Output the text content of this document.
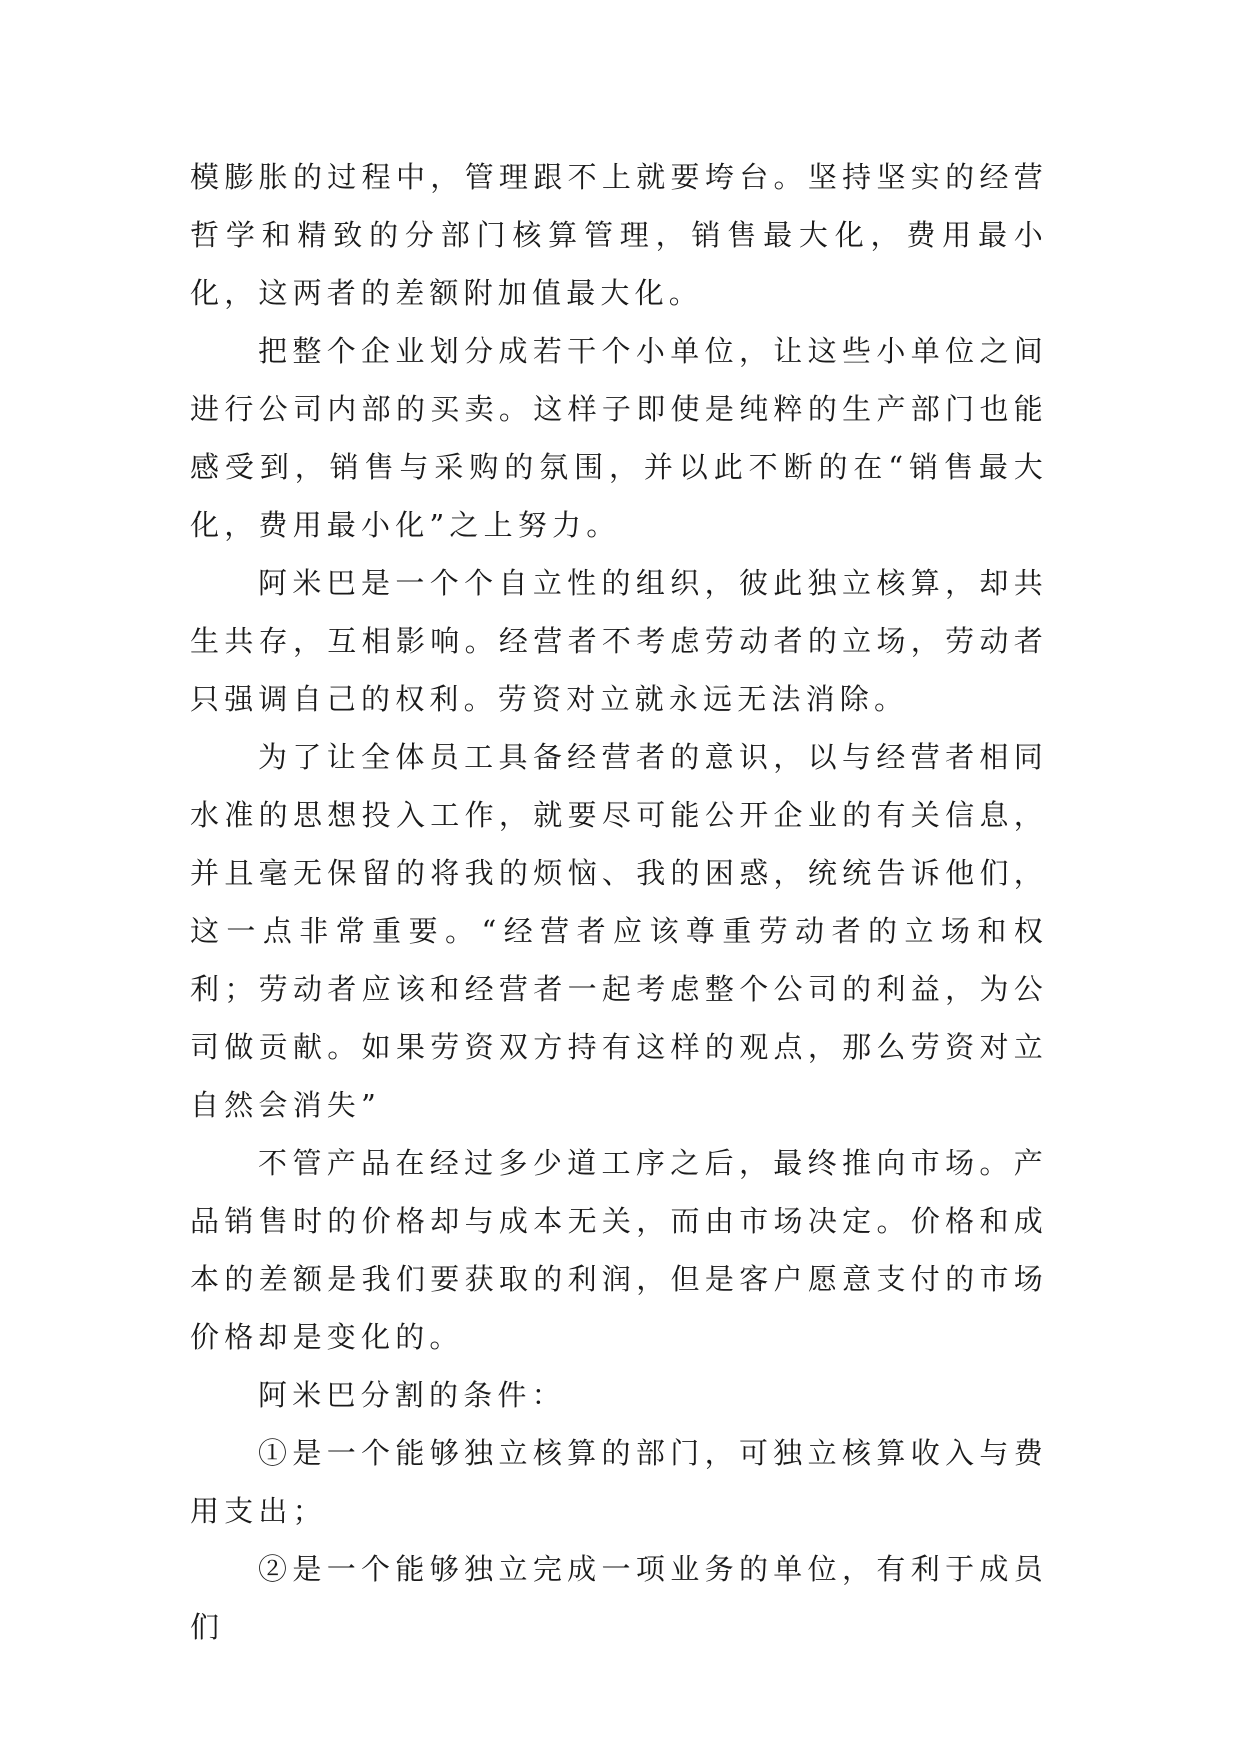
模膨胀的过程中，管理跟不上就要垮台。坚持坚实的经营哲学和精致的分部门核算管理，销售最大化，费用最小化，这两者的差额附加值最大化。

把整个企业划分成若干个小单位，让这些小单位之间进行公司内部的买卖。这样子即使是纯粹的生产部门也能感受到，销售与采购的氛围，并以此不断的在“销售最大化，费用最小化”之上努力。

阿米巴是一个个自立性的组织，彼此独立核算，却共生共存，互相影响。经营者不考虑劳动者的立场，劳动者只强调自己的权利。劳资对立就永远无法消除。

为了让全体员工具备经营者的意识，以与经营者相同水准的思想投入工作，就要尽可能公开企业的有关信息，并且毫无保留的将我的烦恼、我的困惑，统统告诉他们，这一点非常重要。“经营者应该尊重劳动者的立场和权利；劳动者应该和经营者一起考虑整个公司的利益，为公司做贡献。如果劳资双方持有这样的观点，那么劳资对立自然会消失”

不管产品在经过多少道工序之后，最终推向市场。产品销售时的价格却与成本无关，而由市场决定。价格和成本的差额是我们要获取的利润，但是客户愿意支付的市场价格却是变化的。

阿米巴分割的条件：

①是一个能够独立核算的部门，可独立核算收入与费用支出；

②是一个能够独立完成一项业务的单位，有利于成员们
